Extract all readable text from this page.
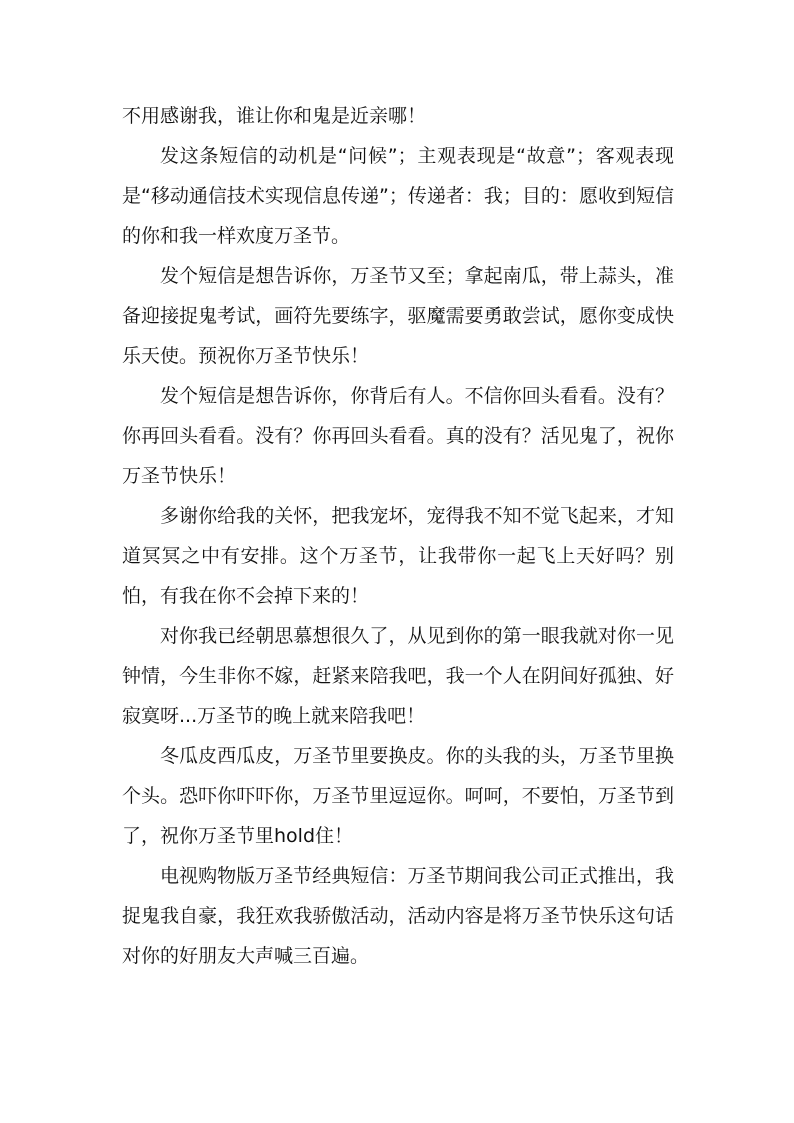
不用感谢我，谁让你和鬼是近亲哪！

发这条短信的动机是“问候”；主观表现是“故意”；客观表现是“移动通信技术实现信息传递”；传递者：我；目的：愿收到短信的你和我一样欢度万圣节。

发个短信是想告诉你，万圣节又至；拿起南瓜，带上蒜头，准备迎接捉鬼考试，画符先要练字，驱魔需要勇敢尝试，愿你变成快乐天使。预祝你万圣节快乐！

发个短信是想告诉你，你背后有人。不信你回头看看。没有？你再回头看看。没有？你再回头看看。真的没有？活见鬼了，祝你万圣节快乐！

多谢你给我的关怀，把我宠坏，宠得我不知不觉飞起来，才知道冥冥之中有安排。这个万圣节，让我带你一起飞上天好吗？别怕，有我在你不会掉下来的！

对你我已经朝思慕想很久了，从见到你的第一眼我就对你一见钟情，今生非你不嫁，赶紧来陪我吧，我一个人在阴间好孤独、好寂寞呀...万圣节的晚上就来陪我吧！

冬瓜皮西瓜皮，万圣节里要换皮。你的头我的头，万圣节里换个头。恐吓你吓吓你，万圣节里逗逗你。呵呵，不要怕，万圣节到了，祝你万圣节里hold住！

电视购物版万圣节经典短信：万圣节期间我公司正式推出，我捉鬼我自豪，我狂欢我骄傲活动，活动内容是将万圣节快乐这句话对你的好朋友大声喊三百遍。
